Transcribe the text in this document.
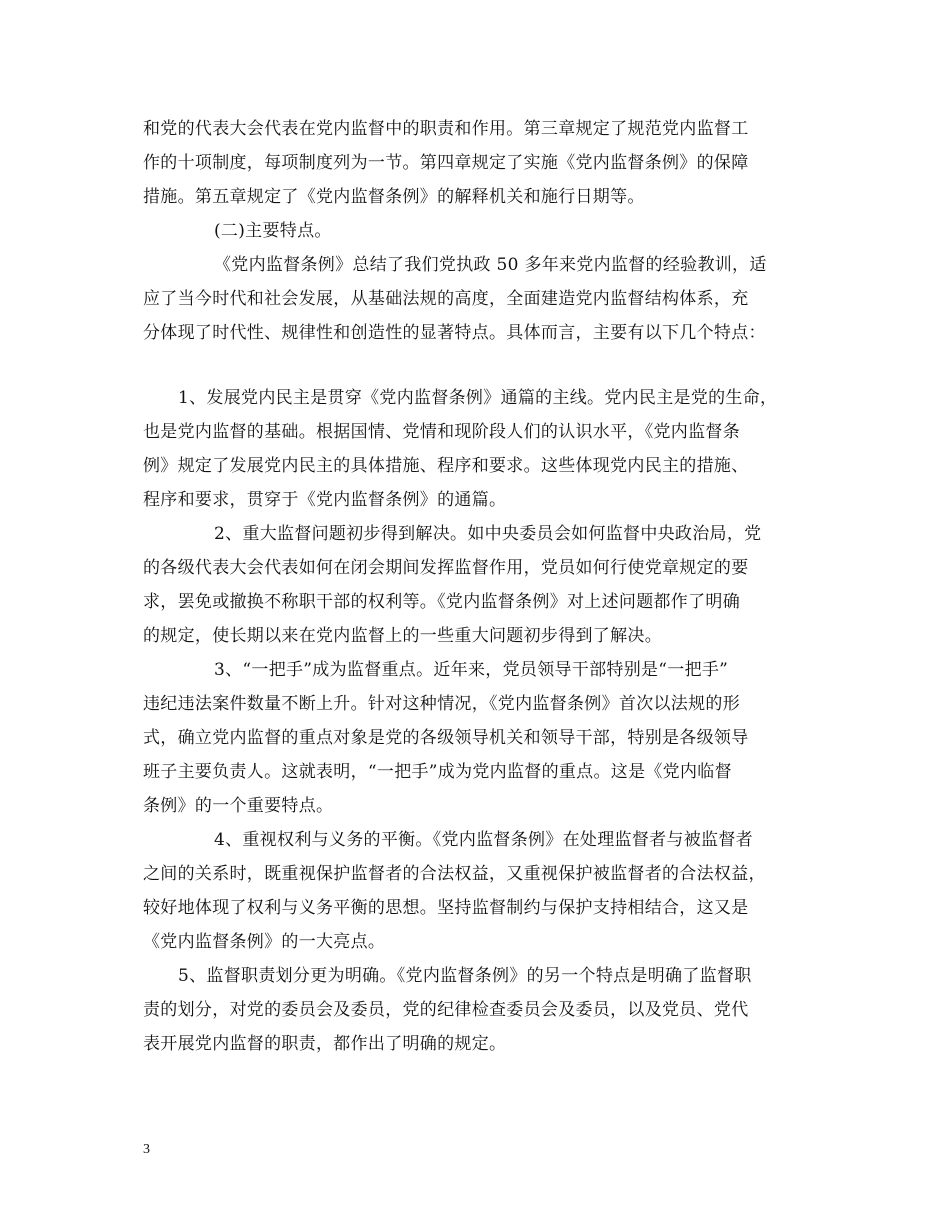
和党的代表大会代表在党内监督中的职责和作用。第三章规定了规范党内监督工
作的十项制度，每项制度列为一节。第四章规定了实施《党内监督条例》的保障
措施。第五章规定了《党内监督条例》的解释机关和施行日期等。
(二)主要特点。
《党内监督条例》总结了我们党执政 50 多年来党内监督的经验教训，适
应了当今时代和社会发展，从基础法规的高度，全面建造党内监督结构体系，充
分体现了时代性、规律性和创造性的显著特点。具体而言，主要有以下几个特点：
1、发展党内民主是贯穿《党内监督条例》通篇的主线。党内民主是党的生命，
也是党内监督的基础。根据国情、党情和现阶段人们的认识水平，《党内监督条
例》规定了发展党内民主的具体措施、程序和要求。这些体现党内民主的措施、
程序和要求，贯穿于《党内监督条例》的通篇。
2、重大监督问题初步得到解决。如中央委员会如何监督中央政治局，党
的各级代表大会代表如何在闭会期间发挥监督作用，党员如何行使党章规定的要
求，罢免或撤换不称职干部的权利等。《党内监督条例》对上述问题都作了明确
的规定，使长期以来在党内监督上的一些重大问题初步得到了解决。
3、“一把手”成为监督重点。近年来，党员领导干部特别是“一把手”
违纪违法案件数量不断上升。针对这种情况，《党内监督条例》首次以法规的形
式，确立党内监督的重点对象是党的各级领导机关和领导干部，特别是各级领导
班子主要负责人。这就表明，“一把手”成为党内监督的重点。这是《党内临督
条例》的一个重要特点。
4、重视权利与义务的平衡。《党内监督条例》在处理监督者与被监督者
之间的关系时，既重视保护监督者的合法权益，又重视保护被监督者的合法权益，
较好地体现了权利与义务平衡的思想。坚持监督制约与保护支持相结合，这又是
《党内监督条例》的一大亮点。
5、监督职责划分更为明确。《党内监督条例》的另一个特点是明确了监督职
责的划分，对党的委员会及委员，党的纪律检查委员会及委员，以及党员、党代
表开展党内监督的职责，都作出了明确的规定。
3
